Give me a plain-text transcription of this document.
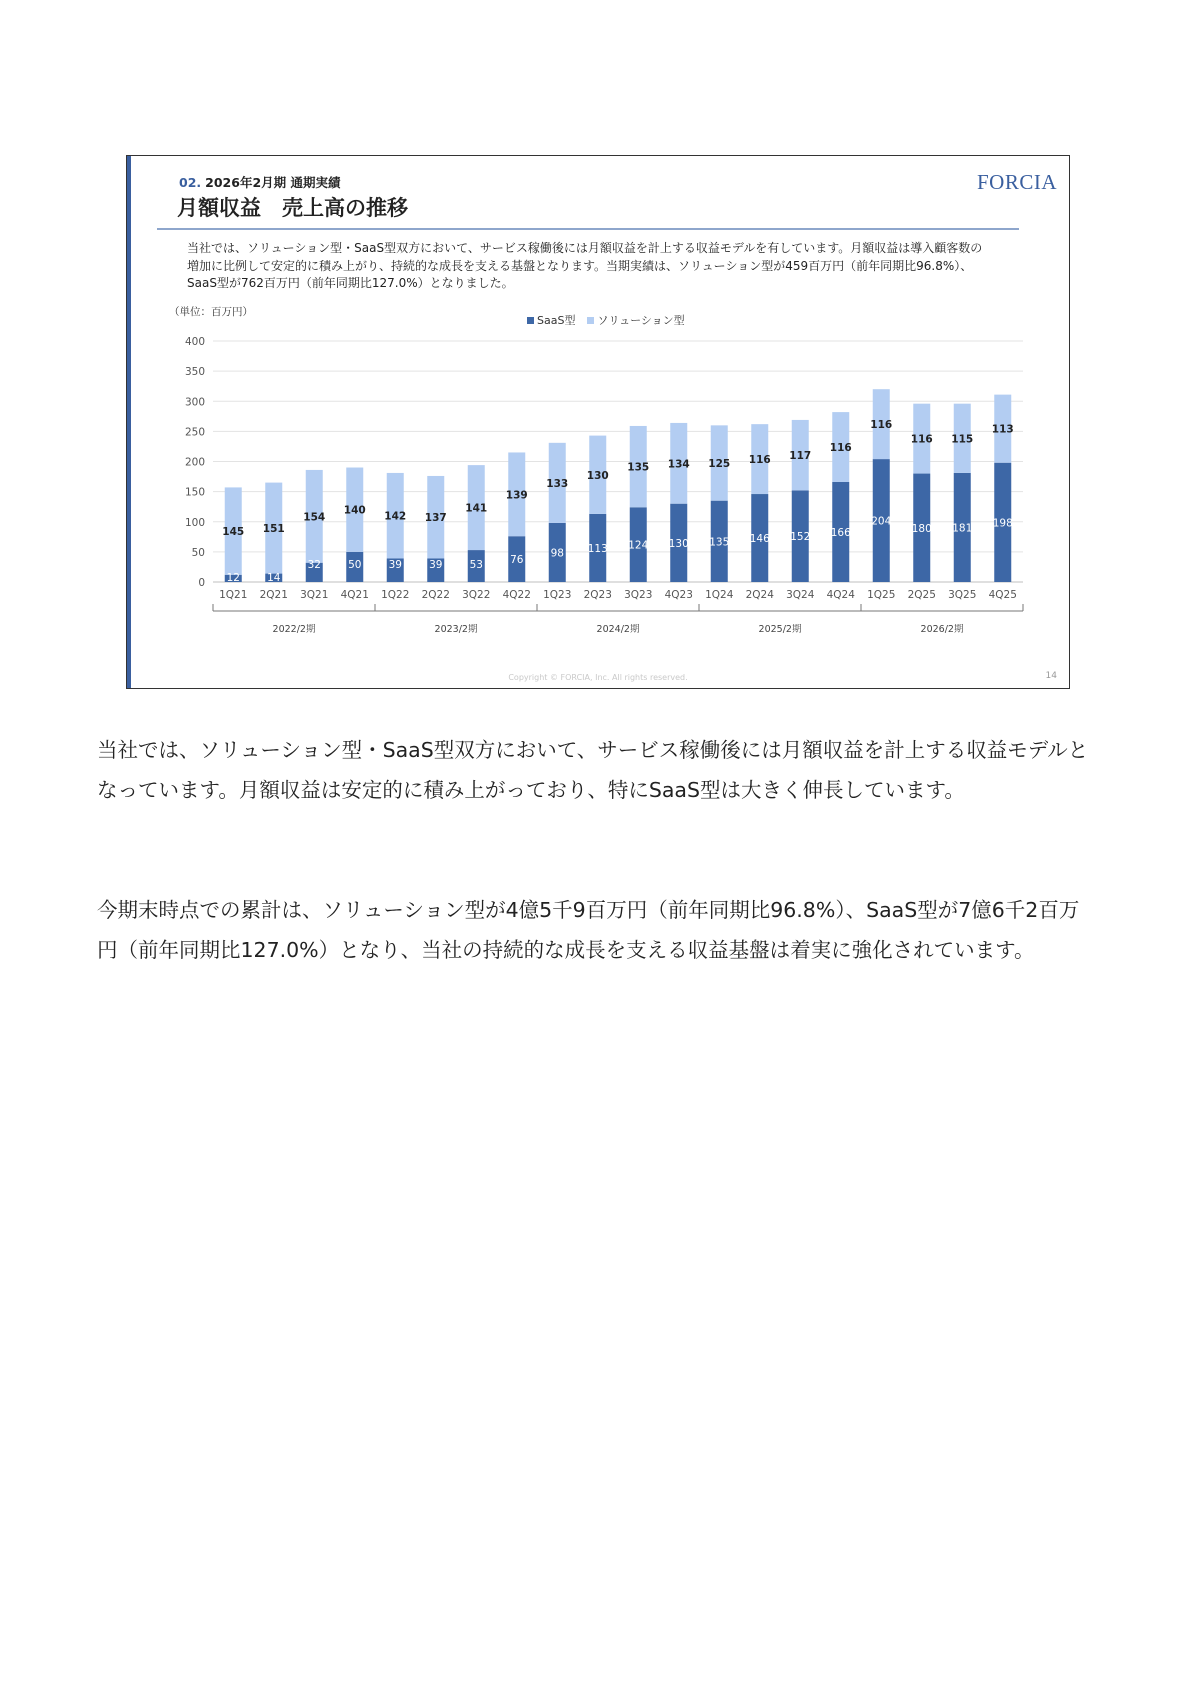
02. 2026年2月期 通期実績
月額収益　売上高の推移
FORCIA
当社では、ソリューション型・SaaS型双方において、サービス稼働後には月額収益を計上する収益モデルを有しています。月額収益は導入顧客数の増加に比例して安定的に積み上がり、持続的な成長を支える基盤となります。当期実績は、ソリューション型が459百万円（前年同期比96.8%）、SaaS型が762百万円（前年同期比127.0%）となりました。
（単位：百万円）
SaaS型 ソリューション型
0
50
100
150
200
250
300
350
400
12
145
1Q21
14
151
2Q21
32
154
3Q21
50
140
4Q21
39
142
1Q22
39
137
2Q22
53
141
3Q22
76
139
4Q22
98
133
1Q23
113
130
2Q23
124
135
3Q23
130
134
4Q23
135
125
1Q24
146
116
2Q24
152
117
3Q24
166
116
4Q24
204
116
1Q25
180
116
2Q25
181
115
3Q25
198
113
4Q25
2022/2期	2023/2期	2024/2期	2025/2期	2026/2期
Copyright © FORCIA, Inc. All rights reserved.	14

当社では、ソリューション型・SaaS型双方において、サービス稼働後には月額収益を計上する収益モデルとなっています。月額収益は安定的に積み上がっており、特にSaaS型は大きく伸長しています。

今期末時点での累計は、ソリューション型が4億5千9百万円（前年同期比96.8%）、SaaS型が7億6千2百万円（前年同期比127.0%）となり、当社の持続的な成長を支える収益基盤は着実に強化されています。
